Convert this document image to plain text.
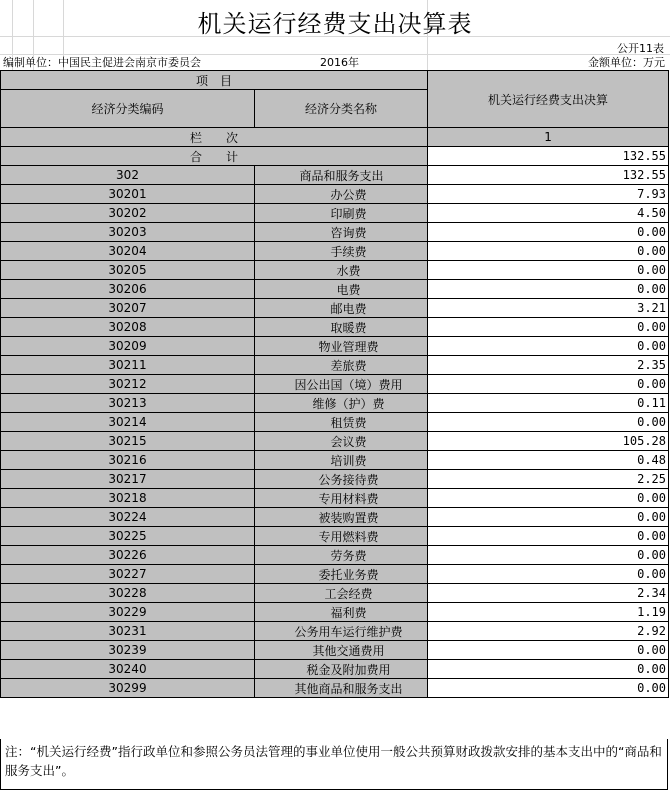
机关运行经费支出决算表
公开11表
编制单位：中国民主促进会南京市委员会	2016年	金额单位：万元
项　目		机关运行经费支出决算
经济分类编码	经济分类名称	

栏　　次		1
合　　计		132.55
302	商品和服务支出	132.55
30201	办公费	7.93
30202	印刷费	4.50
30203	咨询费	0.00
30204	手续费	0.00
30205	水费	0.00
30206	电费	0.00
30207	邮电费	3.21
30208	取暖费	0.00
30209	物业管理费	0.00
30211	差旅费	2.35
30212	因公出国（境）费用	0.00
30213	维修（护）费	0.11
30214	租赁费	0.00
30215	会议费	105.28
30216	培训费	0.48
30217	公务接待费	2.25
30218	专用材料费	0.00
30224	被装购置费	0.00
30225	专用燃料费	0.00
30226	劳务费	0.00
30227	委托业务费	0.00
30228	工会经费	2.34
30229	福利费	1.19
30231	公务用车运行维护费	2.92
30239	其他交通费用	0.00
30240	税金及附加费用	0.00
30299	其他商品和服务支出	0.00
注：“机关运行经费”指行政单位和参照公务员法管理的事业单位使用一般公共预算财政拨款安排的基本支出中的“商品和服务支出”。
